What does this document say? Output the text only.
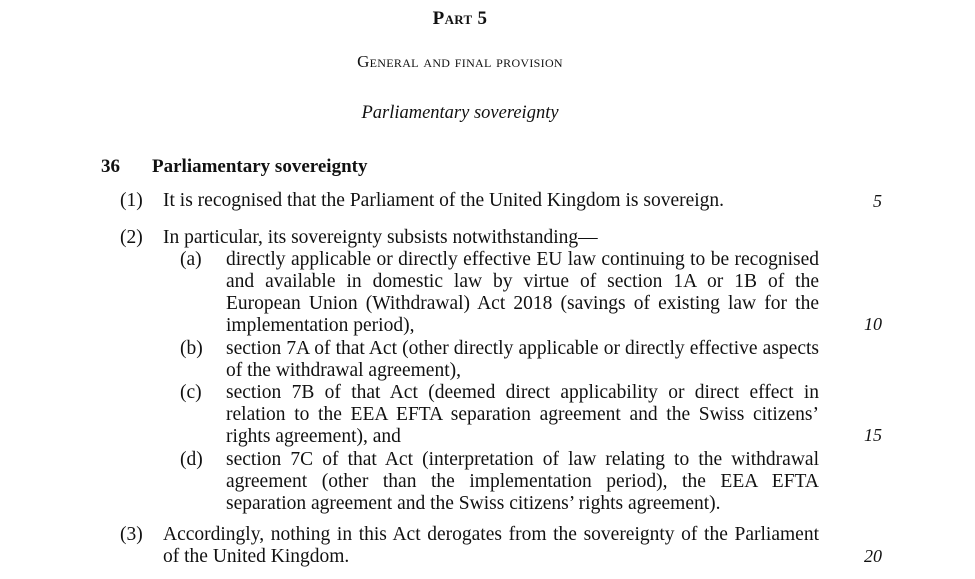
Part 5
General and final provision
Parliamentary sovereignty
36 Parliamentary sovereignty
(1) It is recognised that the Parliament of the United Kingdom is sovereign.
(2) In particular, its sovereignty subsists notwithstanding—
(a) directly applicable or directly effective EU law continuing to be recognised and available in domestic law by virtue of section 1A or 1B of the European Union (Withdrawal) Act 2018 (savings of existing law for the implementation period),
(b) section 7A of that Act (other directly applicable or directly effective aspects of the withdrawal agreement),
(c) section 7B of that Act (deemed direct applicability or direct effect in relation to the EEA EFTA separation agreement and the Swiss citizens’ rights agreement), and
(d) section 7C of that Act (interpretation of law relating to the withdrawal agreement (other than the implementation period), the EEA EFTA separation agreement and the Swiss citizens’ rights agreement).
(3) Accordingly, nothing in this Act derogates from the sovereignty of the Parliament of the United Kingdom.
5
10
15
20
